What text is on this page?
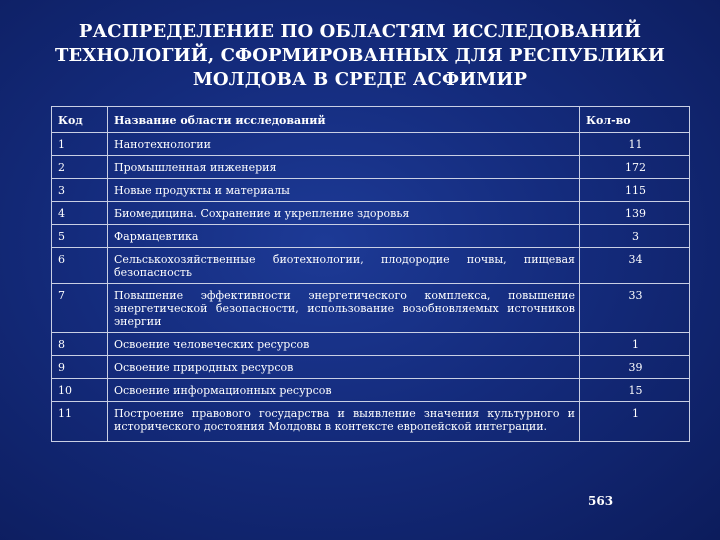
РАСПРЕДЕЛЕНИЕ ПО ОБЛАСТЯМ ИССЛЕДОВАНИЙ
ТЕХНОЛОГИЙ, СФОРМИРОВАННЫХ ДЛЯ РЕСПУБЛИКИ
МОЛДОВА В СРЕДЕ АСФИМИР
Код	Название области исследований	Кол-во
1	Нанотехнологии	11
2	Промышленная инженерия	172
3	Новые продукты и материалы	115
4	Биомедицина. Сохранение и укрепление здоровья	139
5	Фармацевтика	3
6	Сельськохозяйственные биотехнологии, плодородие почвы, пищевая безопасность	34
7	Повышение эффективности энергетического комплекса, повышение энергетической безопасности, использование возобновляемых источников энергии	33
8	Освоение человеческих ресурсов	1
9	Освоение природных ресурсов	39
10	Освоение информационных ресурсов	15
11	Построение правового государства и выявление значения культурного и исторического достояния Молдовы в контексте европейской интеграции.	1
563
